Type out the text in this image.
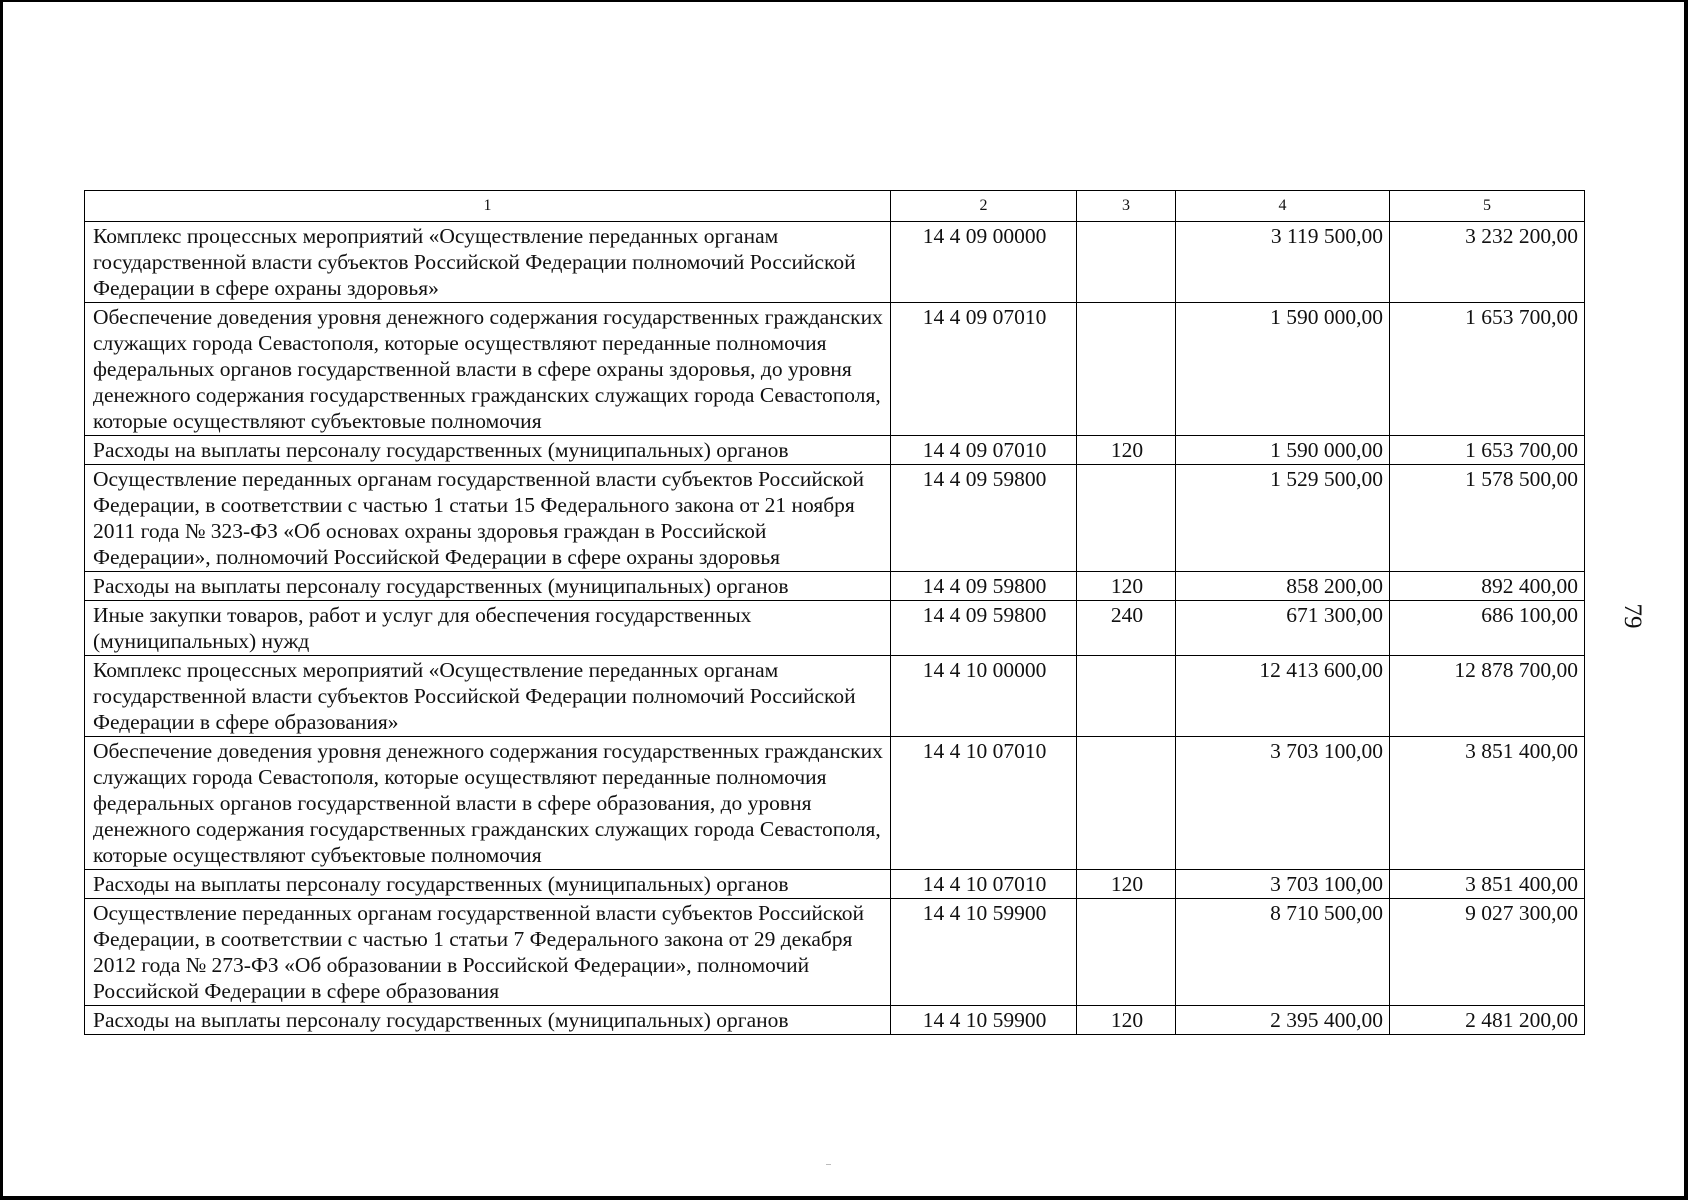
79
1	2	3	4	5
Комплекс процессных мероприятий «Осуществление переданных органам государственной власти субъектов Российской Федерации полномочий Российской Федерации в сфере охраны здоровья»	14 4 09 00000		3 119 500,00	3 232 200,00
Обеспечение доведения уровня денежного содержания государственных гражданских служащих города Севастополя, которые осуществляют переданные полномочия федеральных органов государственной власти в сфере охраны здоровья, до уровня денежного содержания государственных гражданских служащих города Севастополя, которые осуществляют субъектовые полномочия	14 4 09 07010		1 590 000,00	1 653 700,00
Расходы на выплаты персоналу государственных (муниципальных) органов	14 4 09 07010	120	1 590 000,00	1 653 700,00
Осуществление переданных органам государственной власти субъектов Российской Федерации, в соответствии с частью 1 статьи 15 Федерального закона от 21 ноября 2011 года № 323-ФЗ «Об основах охраны здоровья граждан в Российской Федерации», полномочий Российской Федерации в сфере охраны здоровья	14 4 09 59800		1 529 500,00	1 578 500,00
Расходы на выплаты персоналу государственных (муниципальных) органов	14 4 09 59800	120	858 200,00	892 400,00
Иные закупки товаров, работ и услуг для обеспечения государственных (муниципальных) нужд	14 4 09 59800	240	671 300,00	686 100,00
Комплекс процессных мероприятий «Осуществление переданных органам государственной власти субъектов Российской Федерации полномочий Российской Федерации в сфере образования»	14 4 10 00000		12 413 600,00	12 878 700,00
Обеспечение доведения уровня денежного содержания государственных гражданских служащих города Севастополя, которые осуществляют переданные полномочия федеральных органов государственной власти в сфере образования, до уровня денежного содержания государственных гражданских служащих города Севастополя, которые осуществляют субъектовые полномочия	14 4 10 07010		3 703 100,00	3 851 400,00
Расходы на выплаты персоналу государственных (муниципальных) органов	14 4 10 07010	120	3 703 100,00	3 851 400,00
Осуществление переданных органам государственной власти субъектов Российской Федерации, в соответствии с частью 1 статьи 7 Федерального закона от 29 декабря 2012 года № 273-ФЗ «Об образовании в Российской Федерации», полномочий Российской Федерации в сфере образования	14 4 10 59900		8 710 500,00	9 027 300,00
Расходы на выплаты персоналу государственных (муниципальных) органов	14 4 10 59900	120	2 395 400,00	2 481 200,00
